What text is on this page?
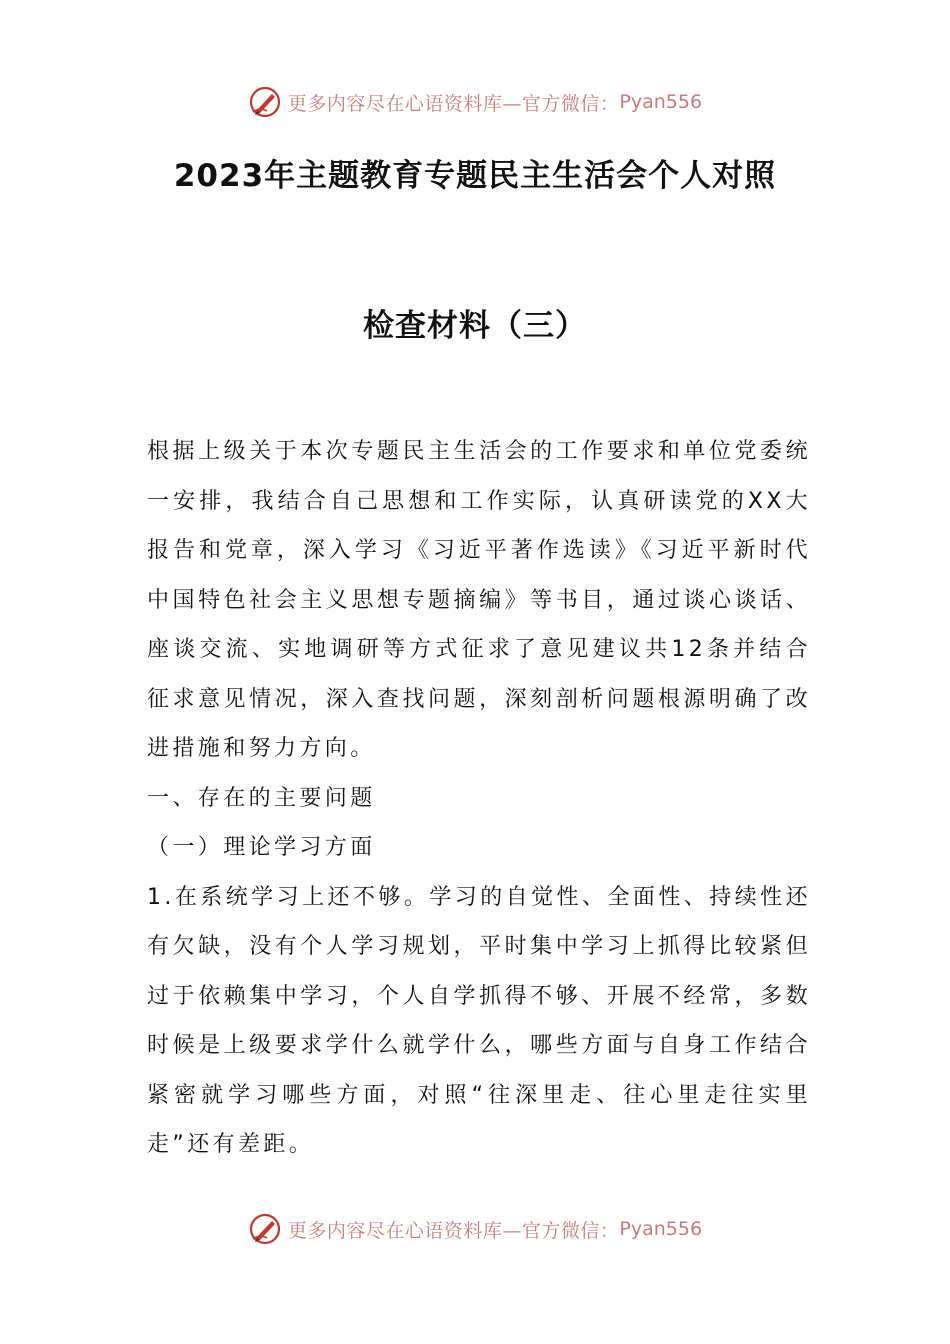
更多内容尽在心语资料库—官方微信： Pyan556
2023年主题教育专题民主生活会个人对照
检查材料（三）

根据上级关于本次专题民主生活会的工作要求和单位党委统一安排，我结合自己思想和工作实际，认真研读党的XX大报告和党章，深入学习《习近平著作选读》《习近平新时代中国特色社会主义思想专题摘编》等书目，通过谈心谈话、座谈交流、实地调研等方式征求了意见建议共12条并结合征求意见情况，深入查找问题，深刻剖析问题根源明确了改进措施和努力方向。

一、存在的主要问题

（一）理论学习方面

1.在系统学习上还不够。学习的自觉性、全面性、持续性还有欠缺，没有个人学习规划，平时集中学习上抓得比较紧但过于依赖集中学习，个人自学抓得不够、开展不经常，多数时候是上级要求学什么就学什么，哪些方面与自身工作结合紧密就学习哪些方面，对照“往深里走、往心里走往实里走”还有差距。

更多内容尽在心语资料库—官方微信： Pyan556
